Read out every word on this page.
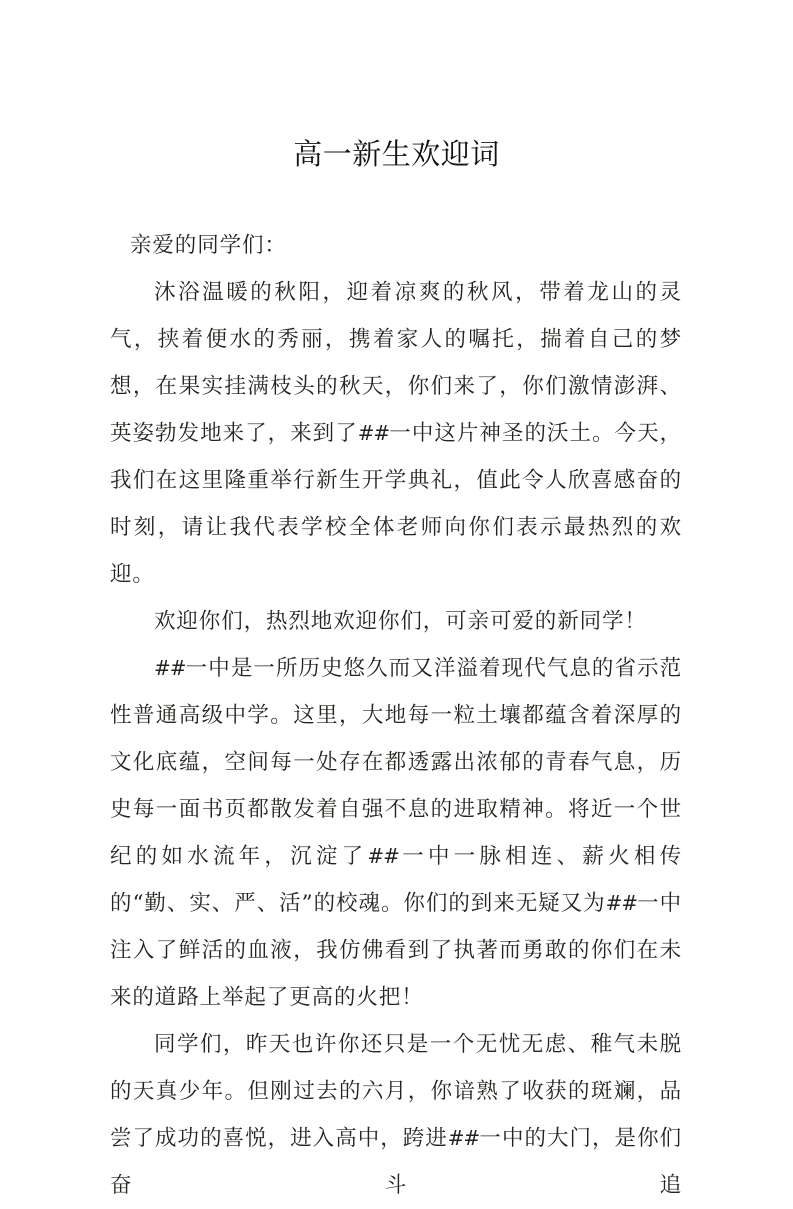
高一新生欢迎词

亲爱的同学们：

沐浴温暖的秋阳，迎着凉爽的秋风，带着龙山的灵气，挟着便水的秀丽，携着家人的嘱托，揣着自己的梦想，在果实挂满枝头的秋天，你们来了，你们激情澎湃、英姿勃发地来了，来到了##一中这片神圣的沃土。今天，我们在这里隆重举行新生开学典礼，值此令人欣喜感奋的时刻，请让我代表学校全体老师向你们表示最热烈的欢迎。

欢迎你们，热烈地欢迎你们，可亲可爱的新同学！

##一中是一所历史悠久而又洋溢着现代气息的省示范性普通高级中学。这里，大地每一粒土壤都蕴含着深厚的文化底蕴，空间每一处存在都透露出浓郁的青春气息，历史每一面书页都散发着自强不息的进取精神。将近一个世纪的如水流年，沉淀了##一中一脉相连、薪火相传的“勤、实、严、活”的校魂。你们的到来无疑又为##一中注入了鲜活的血液，我仿佛看到了执著而勇敢的你们在未来的道路上举起了更高的火把！

同学们，昨天也许你还只是一个无忧无虑、稚气未脱的天真少年。但刚过去的六月，你谙熟了收获的斑斓，品尝了成功的喜悦，进入高中，跨进##一中的大门，是你们奋斗追
